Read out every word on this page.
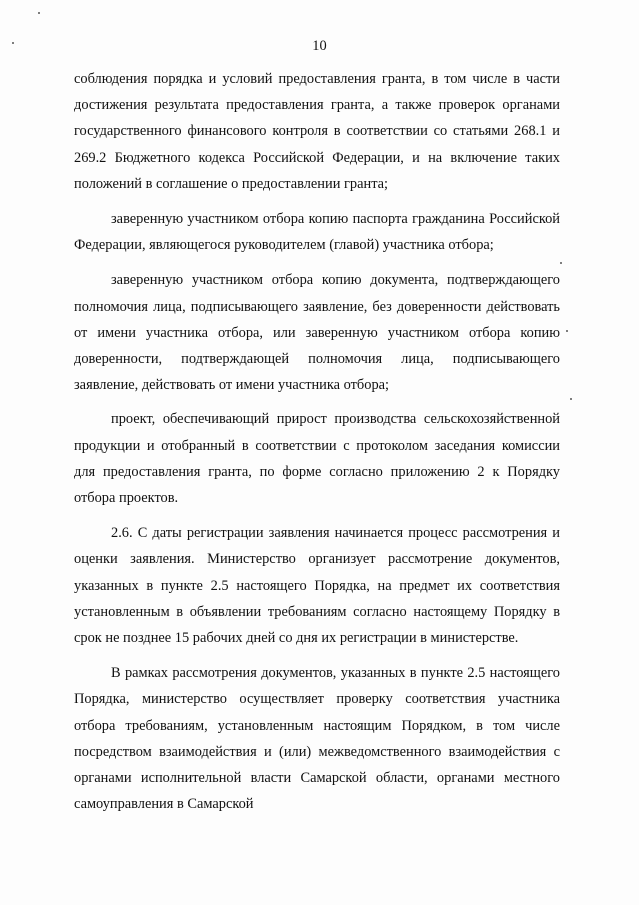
10

соблюдения порядка и условий предоставления гранта, в том числе в части достижения результата предоставления гранта, а также проверок органами государственного финансового контроля в соответствии со статьями 268.1 и 269.2 Бюджетного кодекса Российской Федерации, и на включение таких положений в соглашение о предоставлении гранта;

заверенную участником отбора копию паспорта гражданина Российской Федерации, являющегося руководителем (главой) участника отбора;

заверенную участником отбора копию документа, подтверждающего полномочия лица, подписывающего заявление, без доверенности действовать от имени участника отбора, или заверенную участником отбора копию доверенности, подтверждающей полномочия лица, подписывающего заявление, действовать от имени участника отбора;

проект, обеспечивающий прирост производства сельскохозяйственной продукции и отобранный в соответствии с протоколом заседания комиссии для предоставления гранта, по форме согласно приложению 2 к Порядку отбора проектов.

2.6. С даты регистрации заявления начинается процесс рассмотрения и оценки заявления. Министерство организует рассмотрение документов, указанных в пункте 2.5 настоящего Порядка, на предмет их соответствия установленным в объявлении требованиям согласно настоящему Порядку в срок не позднее 15 рабочих дней со дня их регистрации в министерстве.

В рамках рассмотрения документов, указанных в пункте 2.5 настоящего Порядка, министерство осуществляет проверку соответствия участника отбора требованиям, установленным настоящим Порядком, в том числе посредством взаимодействия и (или) межведомственного взаимодействия с органами исполнительной власти Самарской области, органами местного самоуправления в Самарской
